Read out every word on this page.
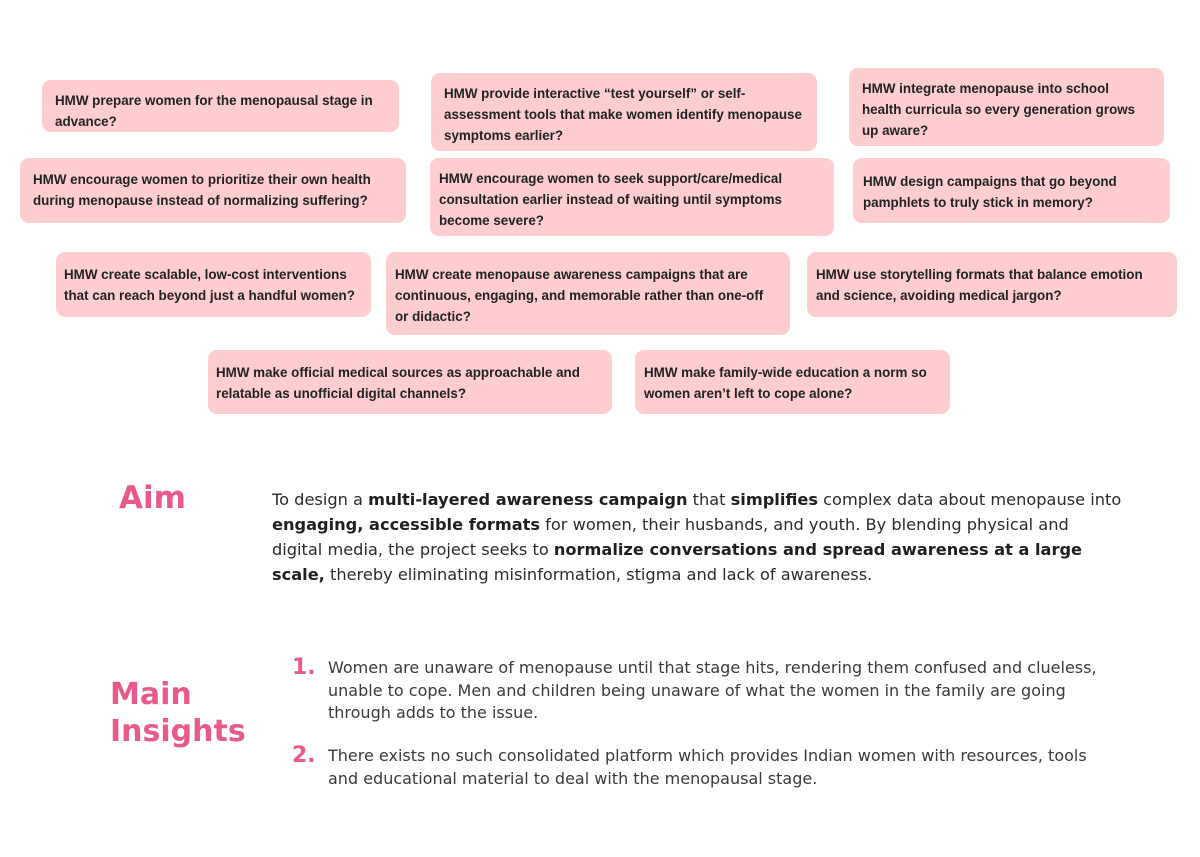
HMW prepare women for the menopausal stage in advance?
HMW provide interactive “test yourself” or self-assessment tools that make women identify menopause symptoms earlier?
HMW integrate menopause into school health curricula so every generation grows up aware?
HMW encourage women to prioritize their own health during menopause instead of normalizing suffering?
HMW encourage women to seek support/care/medical consultation earlier instead of waiting until symptoms become severe?
HMW design campaigns that go beyond pamphlets to truly stick in memory?
HMW create scalable, low-cost interventions that can reach beyond just a handful women?
HMW create menopause awareness campaigns that are continuous, engaging, and memorable rather than one-off or didactic?
HMW use storytelling formats that balance emotion and science, avoiding medical jargon?
HMW make official medical sources as approachable and relatable as unofficial digital channels?
HMW make family-wide education a norm so women aren’t left to cope alone?
Aim	To design a multi-layered awareness campaign that simplifies complex data about menopause into engaging, accessible formats for women, their husbands, and youth. By blending physical and digital media, the project seeks to normalize conversations and spread awareness at a large scale, thereby eliminating misinformation, stigma and lack of awareness.
Main
Insights
1. Women are unaware of menopause until that stage hits, rendering them confused and clueless, unable to cope. Men and children being unaware of what the women in the family are going through adds to the issue.
2. There exists no such consolidated platform which provides Indian women with resources, tools and educational material to deal with the menopausal stage.
